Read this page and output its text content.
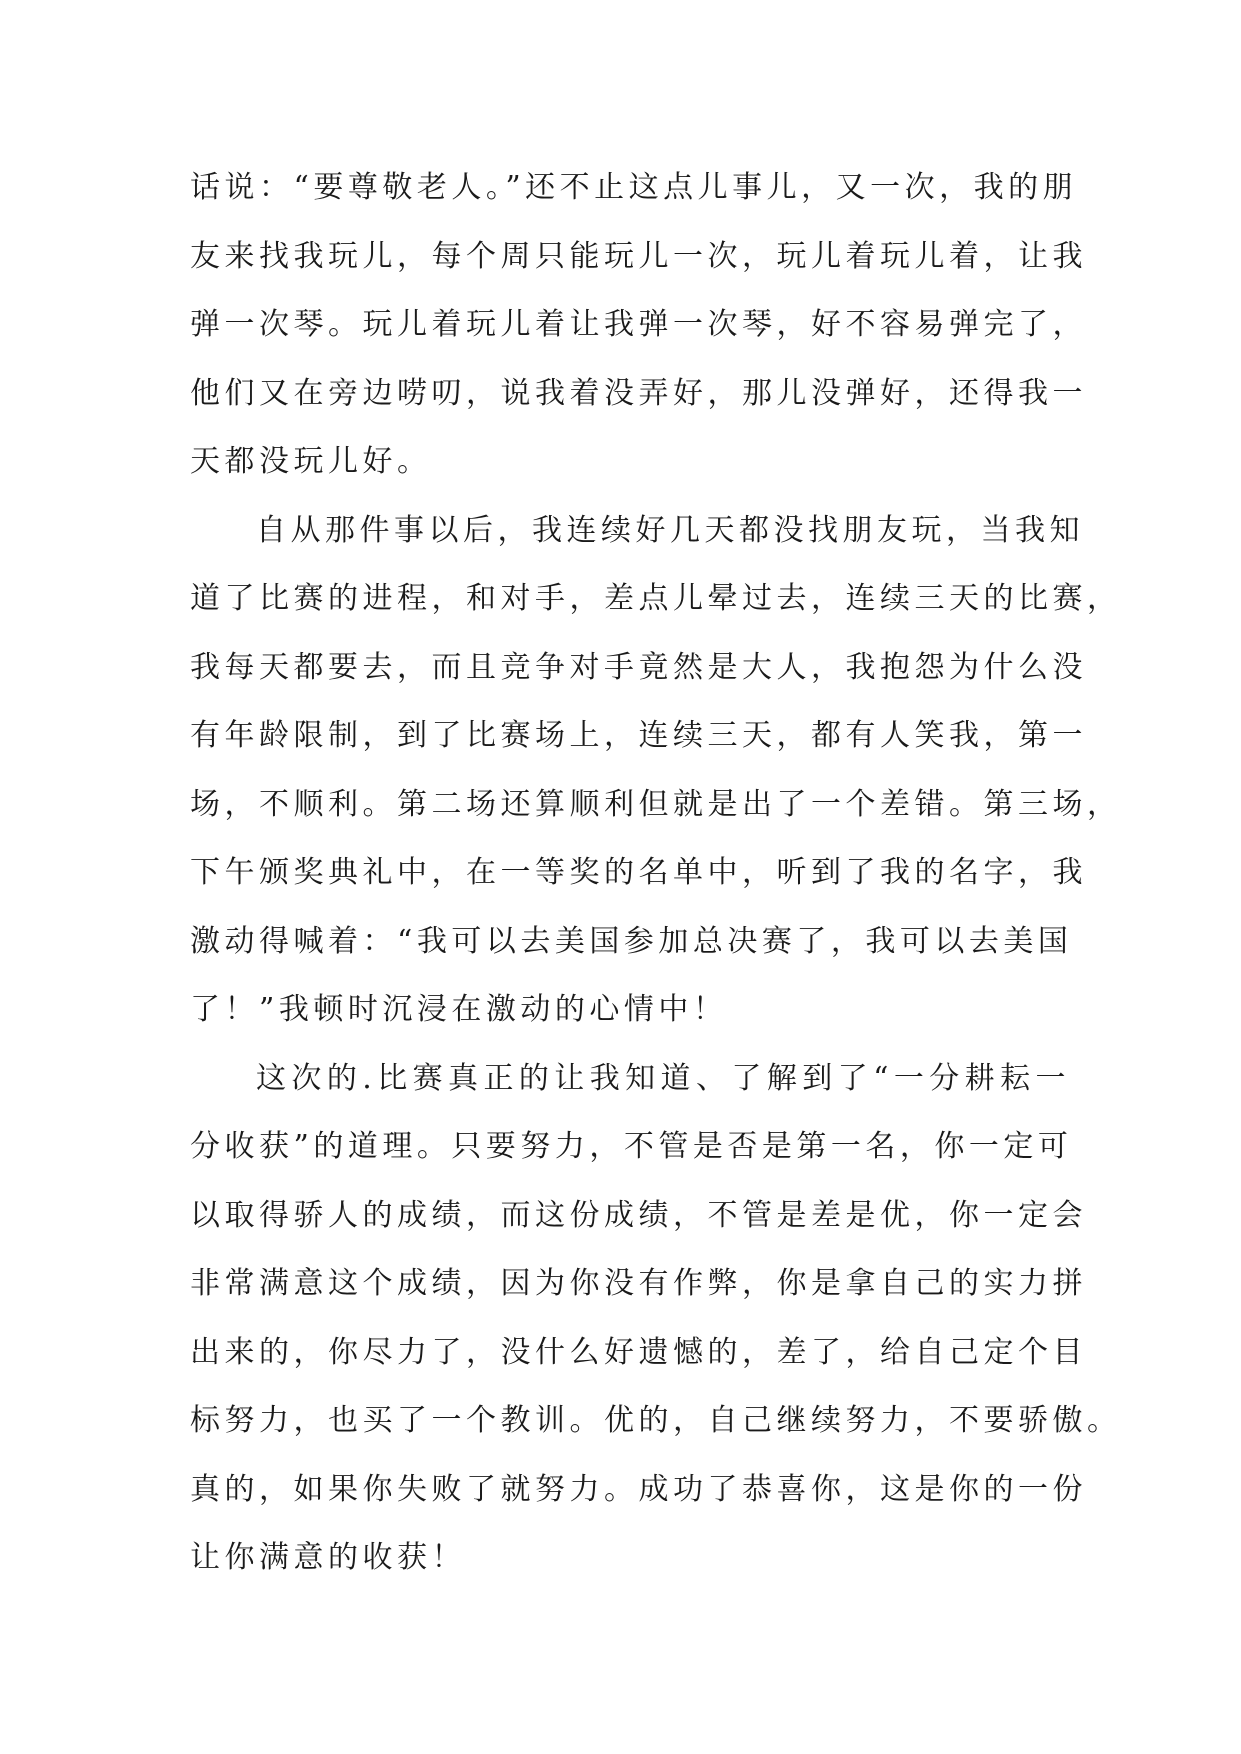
话说：“要尊敬老人。”还不止这点儿事儿，又一次，我的朋
友来找我玩儿，每个周只能玩儿一次，玩儿着玩儿着，让我
弹一次琴。玩儿着玩儿着让我弹一次琴，好不容易弹完了，
他们又在旁边唠叨，说我着没弄好，那儿没弹好，还得我一
天都没玩儿好。
自从那件事以后，我连续好几天都没找朋友玩，当我知
道了比赛的进程，和对手，差点儿晕过去，连续三天的比赛，
我每天都要去，而且竞争对手竟然是大人，我抱怨为什么没
有年龄限制，到了比赛场上，连续三天，都有人笑我，第一
场，不顺利。第二场还算顺利但就是出了一个差错。第三场，
下午颁奖典礼中，在一等奖的名单中，听到了我的名字，我
激动得喊着：“我可以去美国参加总决赛了，我可以去美国
了！”我顿时沉浸在激动的心情中！
这次的.比赛真正的让我知道、了解到了“一分耕耘一
分收获”的道理。只要努力，不管是否是第一名，你一定可
以取得骄人的成绩，而这份成绩，不管是差是优，你一定会
非常满意这个成绩，因为你没有作弊，你是拿自己的实力拼
出来的，你尽力了，没什么好遗憾的，差了，给自己定个目
标努力，也买了一个教训。优的，自己继续努力，不要骄傲。
真的，如果你失败了就努力。成功了恭喜你，这是你的一份
让你满意的收获！
